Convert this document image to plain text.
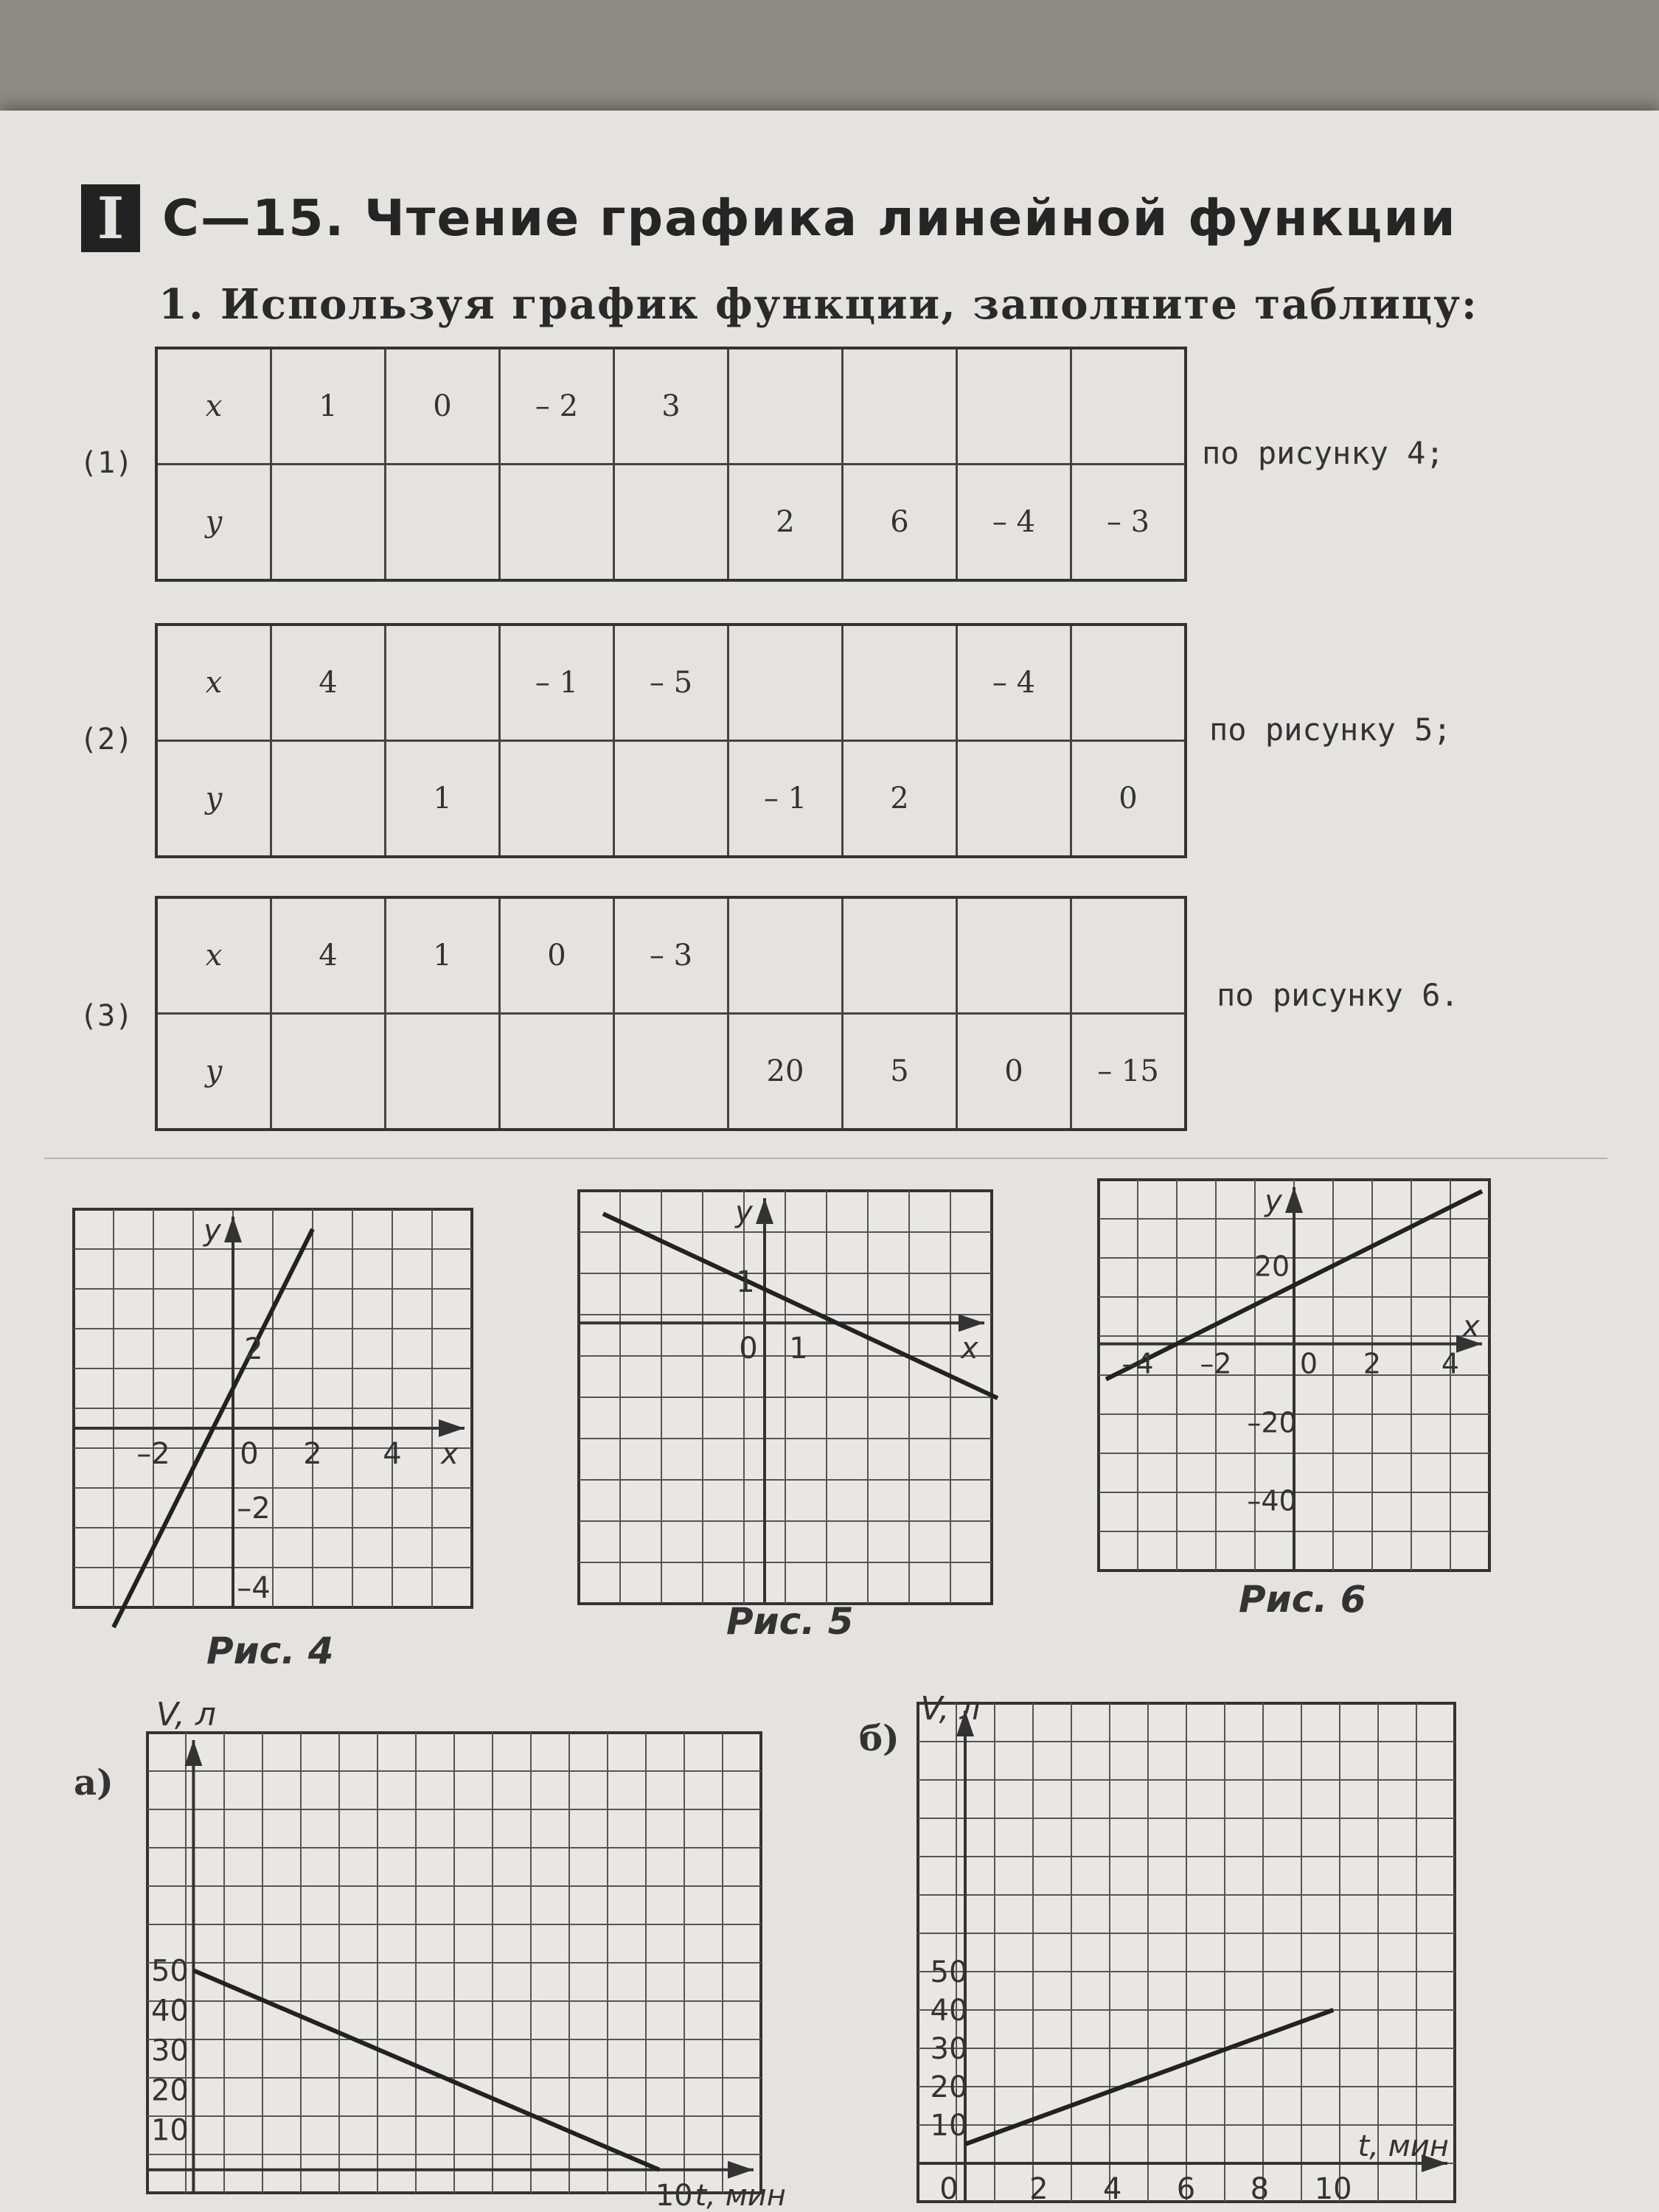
I С—15. Чтение графика линейной функции
1. Используя график функции, заполните таблицу:
(1)
x	1	0	– 2	3				
y					2	6	– 4	– 3
по рисунку 4;
(2)
x	4		– 1	– 5			– 4	
y		1			– 1	2		0
по рисунку 5;
(3)
x	4	1	0	– 3				
y					20	5	0	– 15
по рисунку 6.
y
x
–2 0 2 4
2
–2
–4
y
x
0 1
1
y
x
–4 –2 0 2 4
20
–20
–40
V, л
t, мин
50
40
30
20
10
10
V, л
t, мин
50
40
30
20
10
0 2 4 6 8 10
Рис. 4
Рис. 5
Рис. 6
а)
б)
